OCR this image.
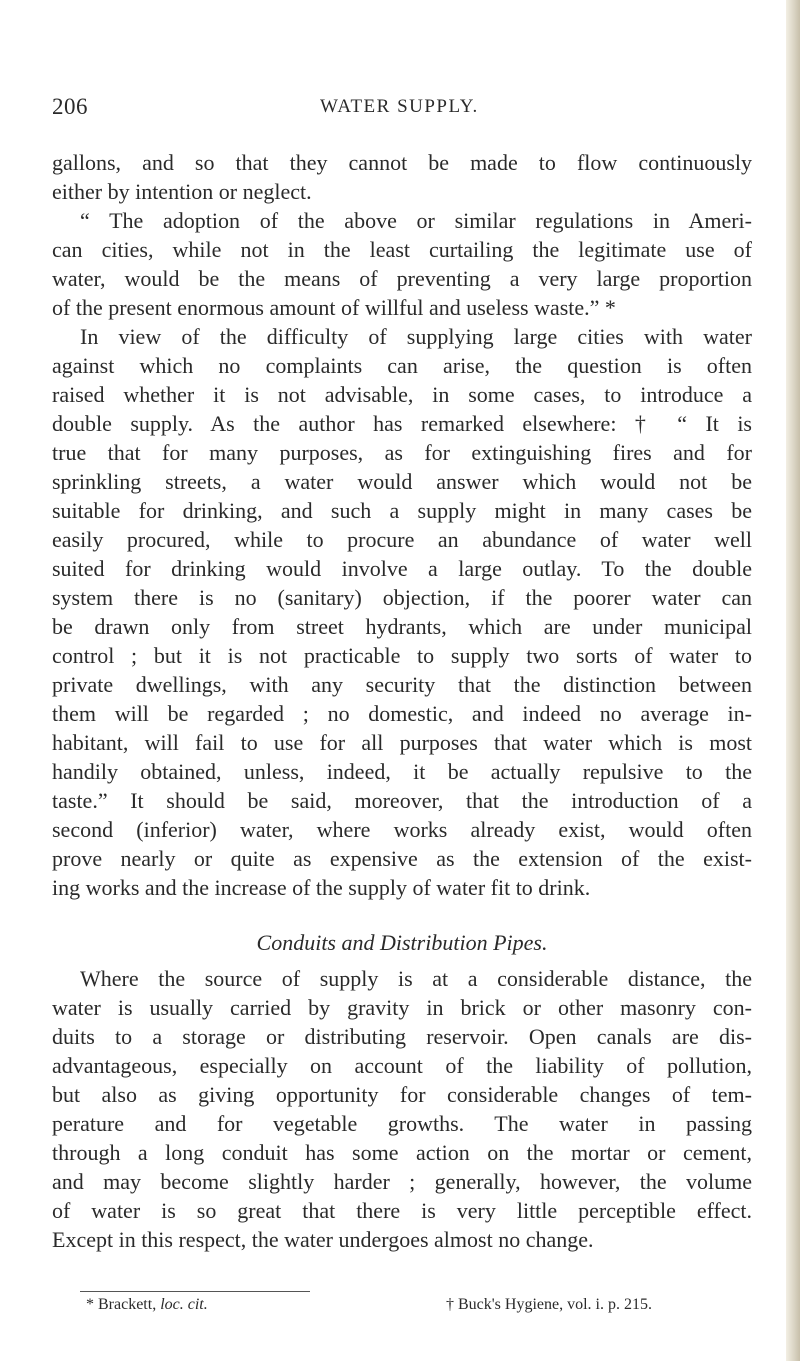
206	WATER SUPPLY.
gallons, and so that they cannot be made to flow continuously
either by intention or neglect.
“ The adoption of the above or similar regulations in Ameri-
can cities, while not in the least curtailing the legitimate use of
water, would be the means of preventing a very large proportion
of the present enormous amount of willful and useless waste.” *
In view of the difficulty of supplying large cities with water
against which no complaints can arise, the question is often
raised whether it is not advisable, in some cases, to introduce a
double supply. As the author has remarked elsewhere: † “ It is
true that for many purposes, as for extinguishing fires and for
sprinkling streets, a water would answer which would not be
suitable for drinking, and such a supply might in many cases be
easily procured, while to procure an abundance of water well
suited for drinking would involve a large outlay. To the double
system there is no (sanitary) objection, if the poorer water can
be drawn only from street hydrants, which are under municipal
control ; but it is not practicable to supply two sorts of water to
private dwellings, with any security that the distinction between
them will be regarded ; no domestic, and indeed no average in-
habitant, will fail to use for all purposes that water which is most
handily obtained, unless, indeed, it be actually repulsive to the
taste.” It should be said, moreover, that the introduction of a
second (inferior) water, where works already exist, would often
prove nearly or quite as expensive as the extension of the exist-
ing works and the increase of the supply of water fit to drink.
Conduits and Distribution Pipes.
Where the source of supply is at a considerable distance, the
water is usually carried by gravity in brick or other masonry con-
duits to a storage or distributing reservoir. Open canals are dis-
advantageous, especially on account of the liability of pollution,
but also as giving opportunity for considerable changes of tem-
perature and for vegetable growths. The water in passing
through a long conduit has some action on the mortar or cement,
and may become slightly harder ; generally, however, the volume
of water is so great that there is very little perceptible effect.
Except in this respect, the water undergoes almost no change.
* Brackett, loc. cit.	† Buck's Hygiene, vol. i. p. 215.
